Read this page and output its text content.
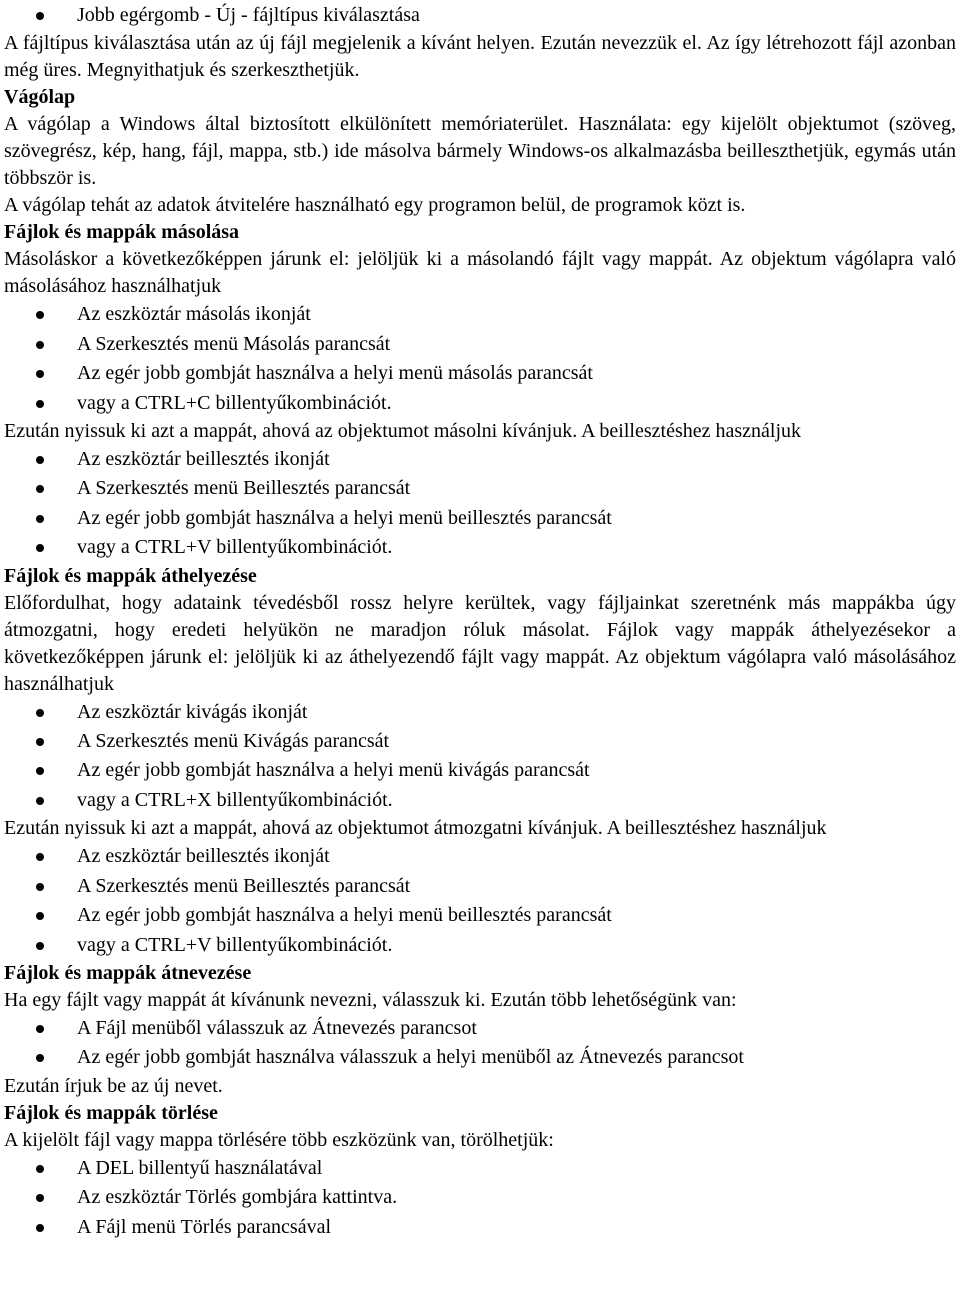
Jobb egérgomb - Új - fájltípus kiválasztása

A fájltípus kiválasztása után az új fájl megjelenik a kívánt helyen. Ezután nevezzük el. Az így létrehozott fájl azonban még üres. Megnyithatjuk és szerkeszthetjük.

Vágólap

A vágólap a Windows által biztosított elkülönített memóriaterület. Használata: egy kijelölt objektumot (szöveg, szövegrész, kép, hang, fájl, mappa, stb.) ide másolva bármely Windows-os alkalmazásba beilleszthetjük, egymás után többször is.

A vágólap tehát az adatok átvitelére használható egy programon belül, de programok közt is.

Fájlok és mappák másolása

Másoláskor a következőképpen járunk el: jelöljük ki a másolandó fájlt vagy mappát. Az objektum vágólapra való másolásához használhatjuk

Az eszköztár másolás ikonját
A Szerkesztés menü Másolás parancsát
Az egér jobb gombját használva a helyi menü másolás parancsát
vagy a CTRL+C billentyűkombinációt.

Ezután nyissuk ki azt a mappát, ahová az objektumot másolni kívánjuk. A beillesztéshez használjuk

Az eszköztár beillesztés ikonját
A Szerkesztés menü Beillesztés parancsát
Az egér jobb gombját használva a helyi menü beillesztés parancsát
vagy a CTRL+V billentyűkombinációt.
Fájlok és mappák áthelyezése

Előfordulhat, hogy adataink tévedésből rossz helyre kerültek, vagy fájljainkat szeretnénk más mappákba úgy átmozgatni, hogy eredeti helyükön ne maradjon róluk másolat. Fájlok vagy mappák áthelyezésekor a következőképpen járunk el: jelöljük ki az áthelyezendő fájlt vagy mappát. Az objektum vágólapra való másolásához használhatjuk

Az eszköztár kivágás ikonját
A Szerkesztés menü Kivágás parancsát
Az egér jobb gombját használva a helyi menü kivágás parancsát
vagy a CTRL+X billentyűkombinációt.

Ezután nyissuk ki azt a mappát, ahová az objektumot átmozgatni kívánjuk. A beillesztéshez használjuk

Az eszköztár beillesztés ikonját
A Szerkesztés menü Beillesztés parancsát
Az egér jobb gombját használva a helyi menü beillesztés parancsát
vagy a CTRL+V billentyűkombinációt.
Fájlok és mappák átnevezése

Ha egy fájlt vagy mappát át kívánunk nevezni, válasszuk ki. Ezután több lehetőségünk van:

A Fájl menüből válasszuk az Átnevezés parancsot
Az egér jobb gombját használva válasszuk a helyi menüből az Átnevezés parancsot

Ezután írjuk be az új nevet.

Fájlok és mappák törlése

A kijelölt fájl vagy mappa törlésére több eszközünk van, törölhetjük:

A DEL billentyű használatával
Az eszköztár Törlés gombjára kattintva.
A Fájl menü Törlés parancsával
